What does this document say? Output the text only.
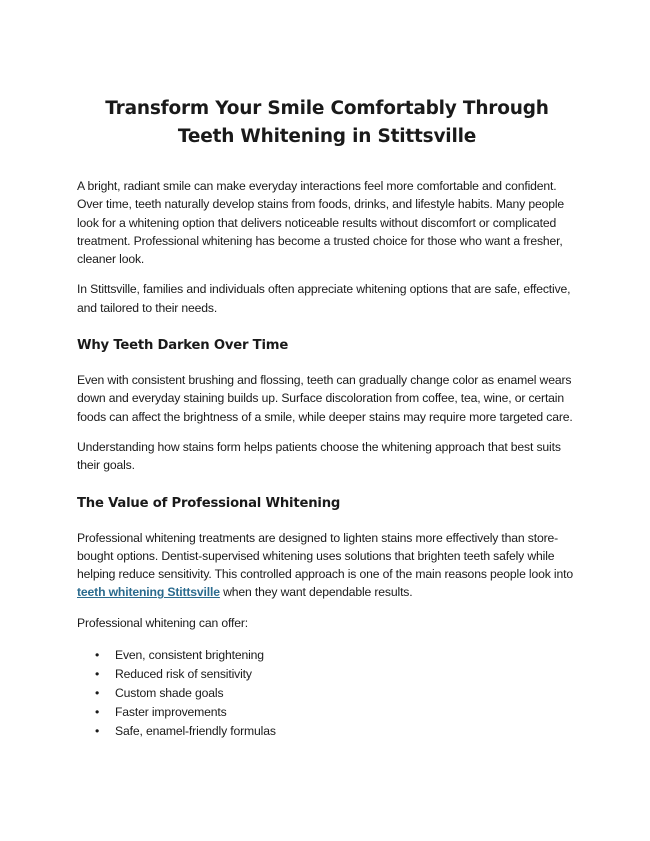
Transform Your Smile Comfortably Through Teeth Whitening in Stittsville

A bright, radiant smile can make everyday interactions feel more comfortable and confident. Over time, teeth naturally develop stains from foods, drinks, and lifestyle habits. Many people look for a whitening option that delivers noticeable results without discomfort or complicated treatment. Professional whitening has become a trusted choice for those who want a fresher, cleaner look.

In Stittsville, families and individuals often appreciate whitening options that are safe, effective, and tailored to their needs.

Why Teeth Darken Over Time

Even with consistent brushing and flossing, teeth can gradually change color as enamel wears down and everyday staining builds up. Surface discoloration from coffee, tea, wine, or certain foods can affect the brightness of a smile, while deeper stains may require more targeted care.

Understanding how stains form helps patients choose the whitening approach that best suits their goals.

The Value of Professional Whitening

Professional whitening treatments are designed to lighten stains more effectively than store-bought options. Dentist-supervised whitening uses solutions that brighten teeth safely while helping reduce sensitivity. This controlled approach is one of the main reasons people look into teeth whitening Stittsville when they want dependable results.

Professional whitening can offer:

• Even, consistent brightening
• Reduced risk of sensitivity
• Custom shade goals
• Faster improvements
• Safe, enamel-friendly formulas
